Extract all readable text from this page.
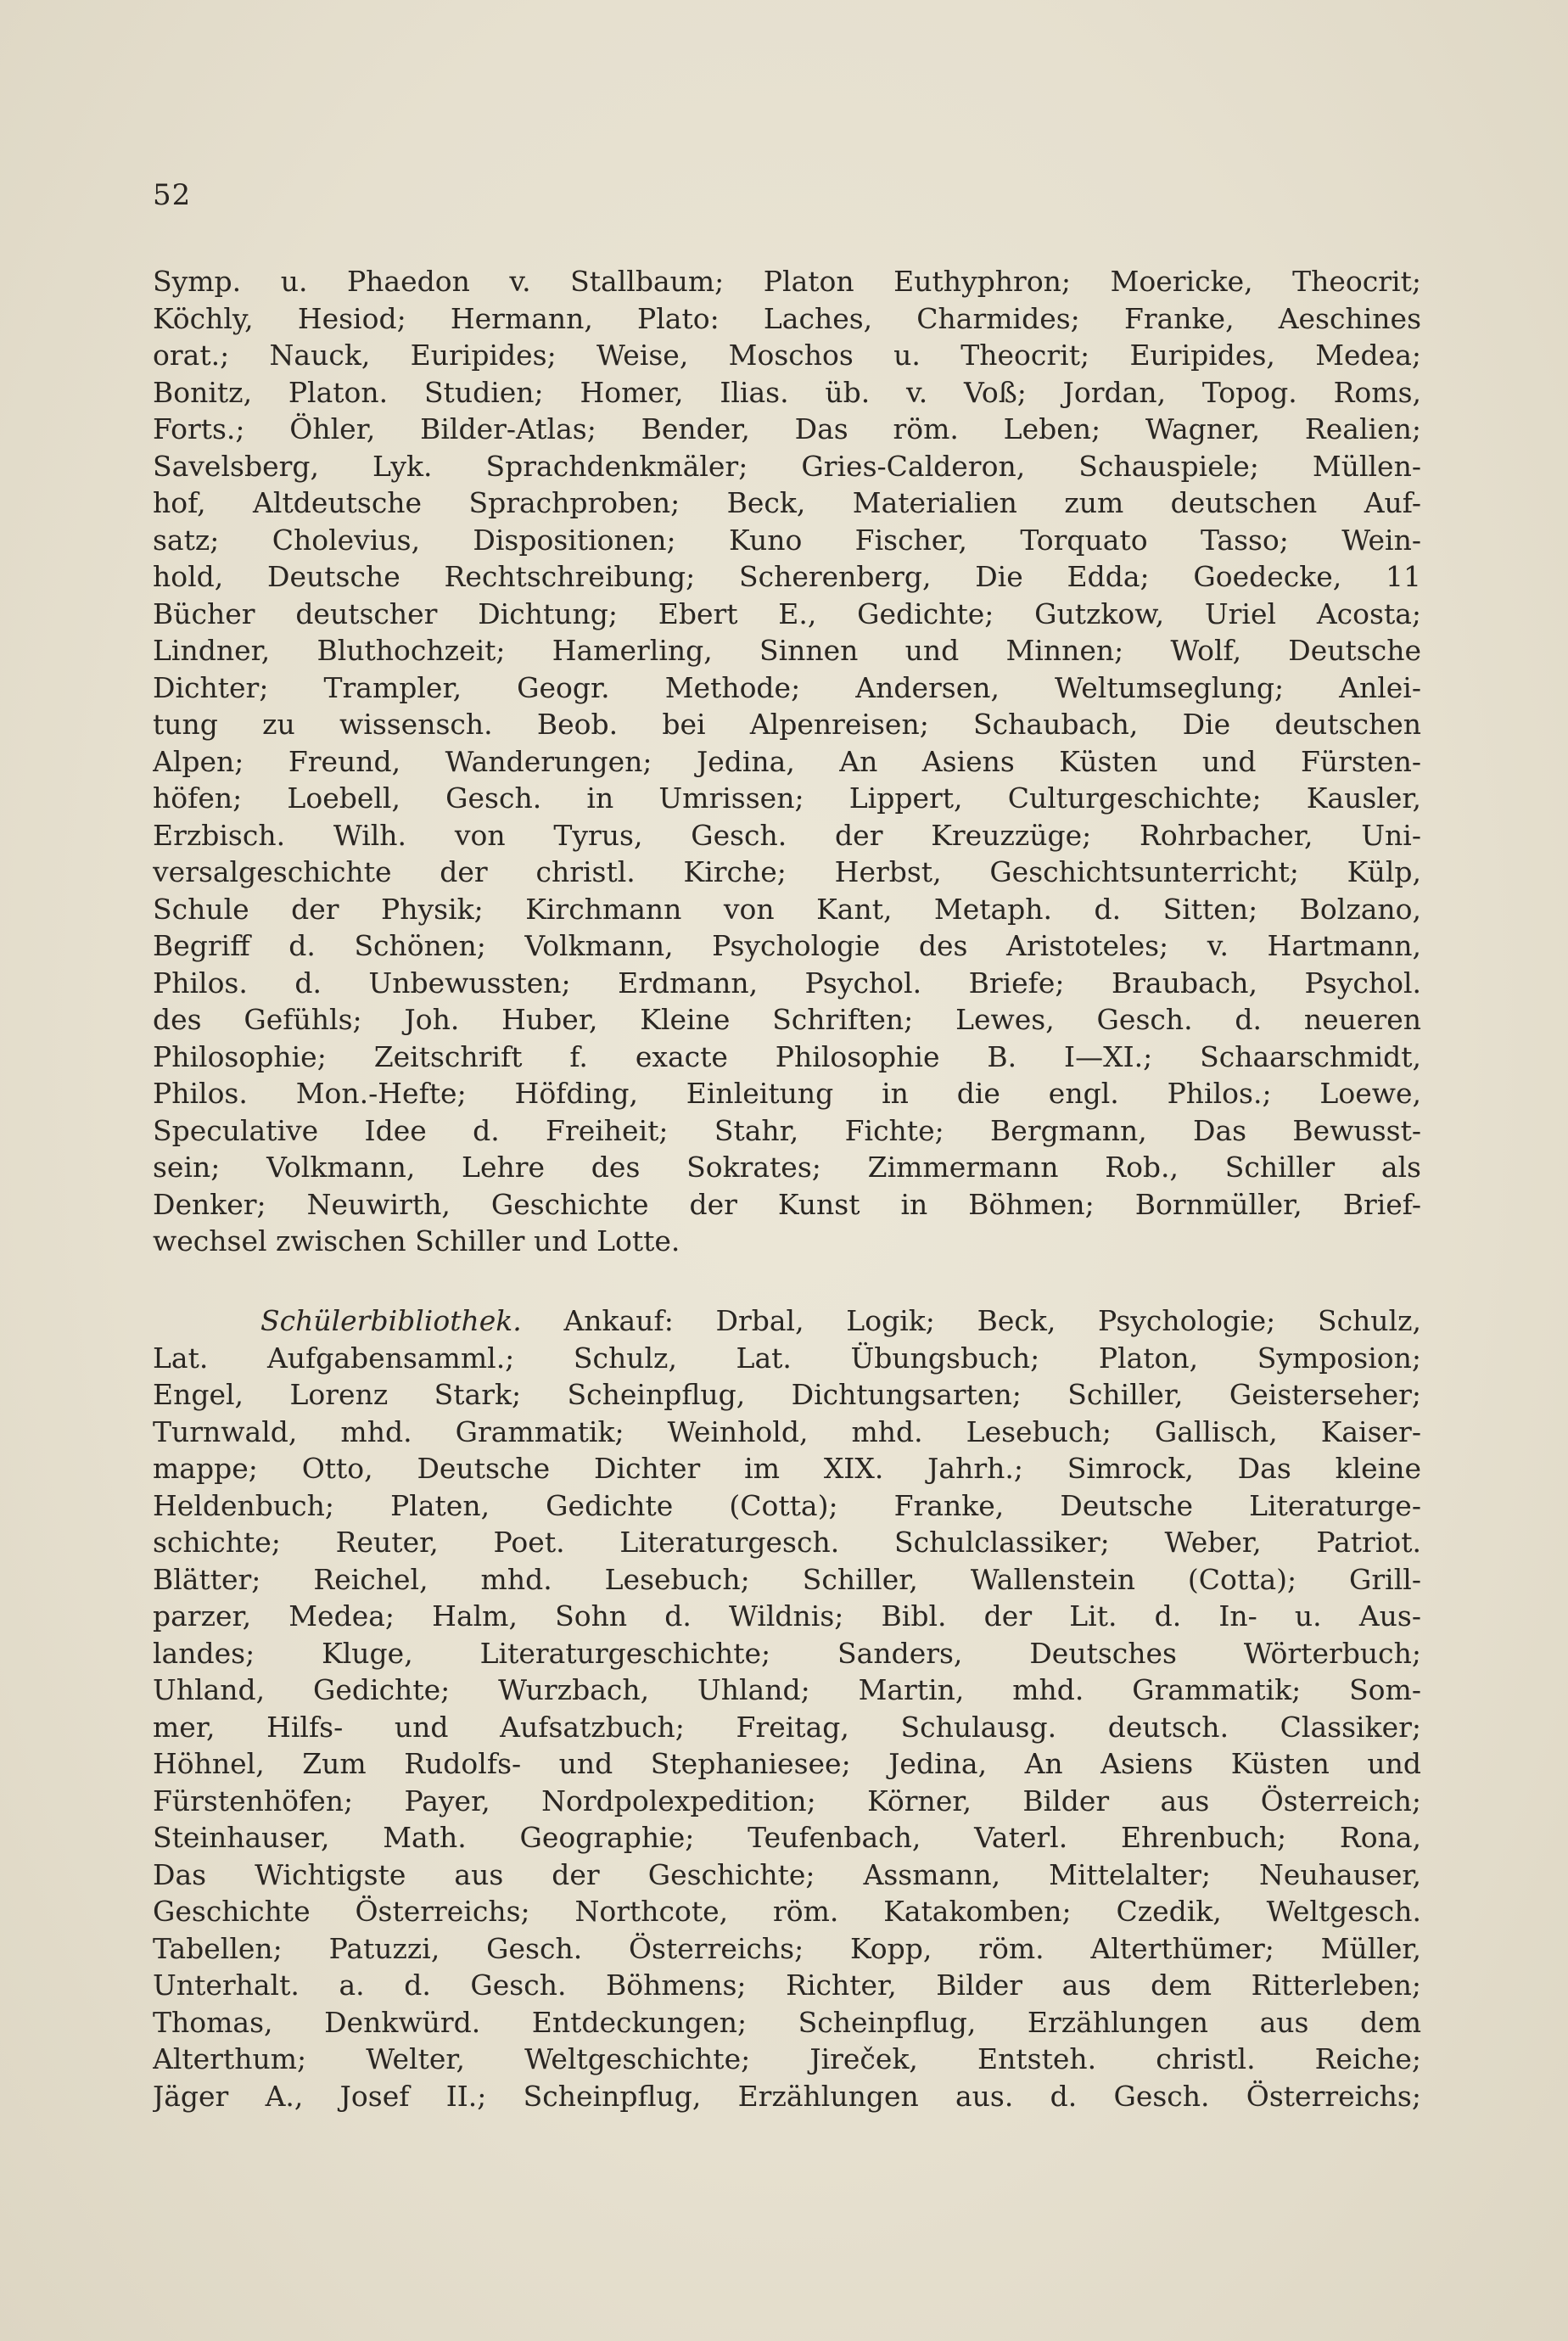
52
Symp. u. Phaedon v. Stallbaum; Platon Euthyphron; Moericke, Theocrit;
Köchly, Hesiod; Hermann, Plato: Laches, Charmides; Franke, Aeschines
orat.; Nauck, Euripides; Weise, Moschos u. Theocrit; Euripides, Medea;
Bonitz, Platon. Studien; Homer, Ilias. üb. v. Voß; Jordan, Topog. Roms,
Forts.; Öhler, Bilder-Atlas; Bender, Das röm. Leben; Wagner, Realien;
Savelsberg, Lyk. Sprachdenkmäler; Gries-Calderon, Schauspiele; Müllen-
hof, Altdeutsche Sprachproben; Beck, Materialien zum deutschen Auf-
satz; Cholevius, Dispositionen; Kuno Fischer, Torquato Tasso; Wein-
hold, Deutsche Rechtschreibung; Scherenberg, Die Edda; Goedecke, 11
Bücher deutscher Dichtung; Ebert E., Gedichte; Gutzkow, Uriel Acosta;
Lindner, Bluthochzeit; Hamerling, Sinnen und Minnen; Wolf, Deutsche
Dichter; Trampler, Geogr. Methode; Andersen, Weltumseglung; Anlei-
tung zu wissensch. Beob. bei Alpenreisen; Schaubach, Die deutschen
Alpen; Freund, Wanderungen; Jedina, An Asiens Küsten und Fürsten-
höfen; Loebell, Gesch. in Umrissen; Lippert, Culturgeschichte; Kausler,
Erzbisch. Wilh. von Tyrus, Gesch. der Kreuzzüge; Rohrbacher, Uni-
versalgeschichte der christl. Kirche; Herbst, Geschichtsunterricht; Külp,
Schule der Physik; Kirchmann von Kant, Metaph. d. Sitten; Bolzano,
Begriff d. Schönen; Volkmann, Psychologie des Aristoteles; v. Hartmann,
Philos. d. Unbewussten; Erdmann, Psychol. Briefe; Braubach, Psychol.
des Gefühls; Joh. Huber, Kleine Schriften; Lewes, Gesch. d. neueren
Philosophie; Zeitschrift f. exacte Philosophie B. I—XI.; Schaarschmidt,
Philos. Mon.-Hefte; Höfding, Einleitung in die engl. Philos.; Loewe,
Speculative Idee d. Freiheit; Stahr, Fichte; Bergmann, Das Bewusst-
sein; Volkmann, Lehre des Sokrates; Zimmermann Rob., Schiller als
Denker; Neuwirth, Geschichte der Kunst in Böhmen; Bornmüller, Brief-
wechsel zwischen Schiller und Lotte.
Schülerbibliothek. Ankauf: Drbal, Logik; Beck, Psychologie; Schulz,
Lat. Aufgabensamml.; Schulz, Lat. Übungsbuch; Platon, Symposion;
Engel, Lorenz Stark; Scheinpflug, Dichtungsarten; Schiller, Geisterseher;
Turnwald, mhd. Grammatik; Weinhold, mhd. Lesebuch; Gallisch, Kaiser-
mappe; Otto, Deutsche Dichter im XIX. Jahrh.; Simrock, Das kleine
Heldenbuch; Platen, Gedichte (Cotta); Franke, Deutsche Literaturge-
schichte; Reuter, Poet. Literaturgesch. Schulclassiker; Weber, Patriot.
Blätter; Reichel, mhd. Lesebuch; Schiller, Wallenstein (Cotta); Grill-
parzer, Medea; Halm, Sohn d. Wildnis; Bibl. der Lit. d. In- u. Aus-
landes; Kluge, Literaturgeschichte; Sanders, Deutsches Wörterbuch;
Uhland, Gedichte; Wurzbach, Uhland; Martin, mhd. Grammatik; Som-
mer, Hilfs- und Aufsatzbuch; Freitag, Schulausg. deutsch. Classiker;
Höhnel, Zum Rudolfs- und Stephaniesee; Jedina, An Asiens Küsten und
Fürstenhöfen; Payer, Nordpolexpedition; Körner, Bilder aus Österreich;
Steinhauser, Math. Geographie; Teufenbach, Vaterl. Ehrenbuch; Rona,
Das Wichtigste aus der Geschichte; Assmann, Mittelalter; Neuhauser,
Geschichte Österreichs; Northcote, röm. Katakomben; Czedik, Weltgesch.
Tabellen; Patuzzi, Gesch. Österreichs; Kopp, röm. Alterthümer; Müller,
Unterhalt. a. d. Gesch. Böhmens; Richter, Bilder aus dem Ritterleben;
Thomas, Denkwürd. Entdeckungen; Scheinpflug, Erzählungen aus dem
Alterthum; Welter, Weltgeschichte; Jireček, Entsteh. christl. Reiche;
Jäger A., Josef II.; Scheinpflug, Erzählungen aus. d. Gesch. Österreichs;
